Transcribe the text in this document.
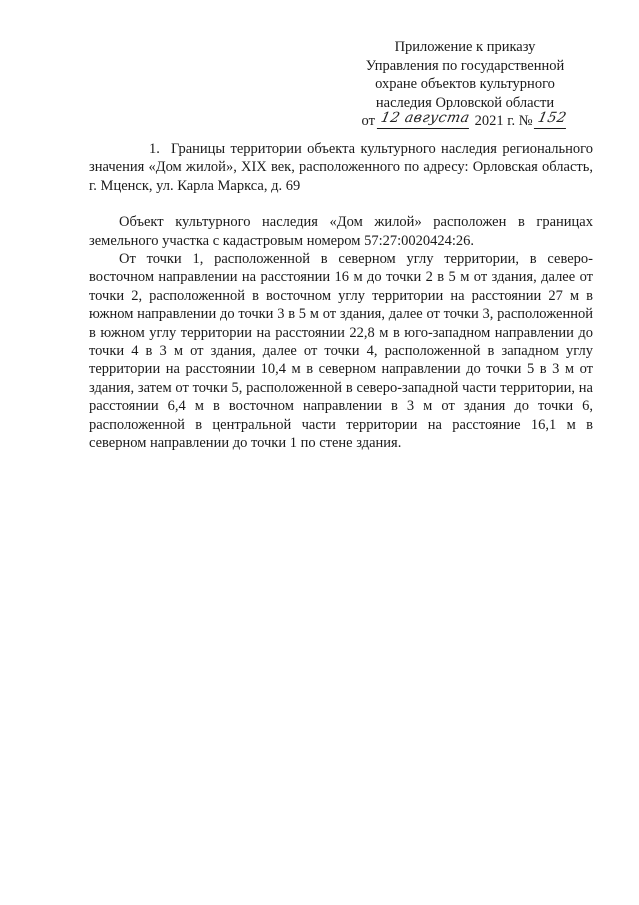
Приложение к приказу
Управления по государственной
охране объектов культурного
наследия Орловской области
от 12 августа 2021 г. № 152

1. Границы территории объекта культурного наследия регионального значения «Дом жилой», XIX век, расположенного по адресу: Орловская область, г. Мценск, ул. Карла Маркса, д. 69

Объект культурного наследия «Дом жилой» расположен в границах земельного участка с кадастровым номером 57:27:0020424:26.

От точки 1, расположенной в северном углу территории, в северо-восточном направлении на расстоянии 16 м до точки 2 в 5 м от здания, далее от точки 2, расположенной в восточном углу территории на расстоянии 27 м в южном направлении до точки 3 в 5 м от здания, далее от точки 3, расположенной в южном углу территории на расстоянии 22,8 м в юго-западном направлении до точки 4 в 3 м от здания, далее от точки 4, расположенной в западном углу территории на расстоянии 10,4 м в северном направлении до точки 5 в 3 м от здания, затем от точки 5, расположенной в северо-западной части территории, на расстоянии 6,4 м в восточном направлении в 3 м от здания до точки 6, расположенной в центральной части территории на расстояние 16,1 м в северном направлении до точки 1 по стене здания.
